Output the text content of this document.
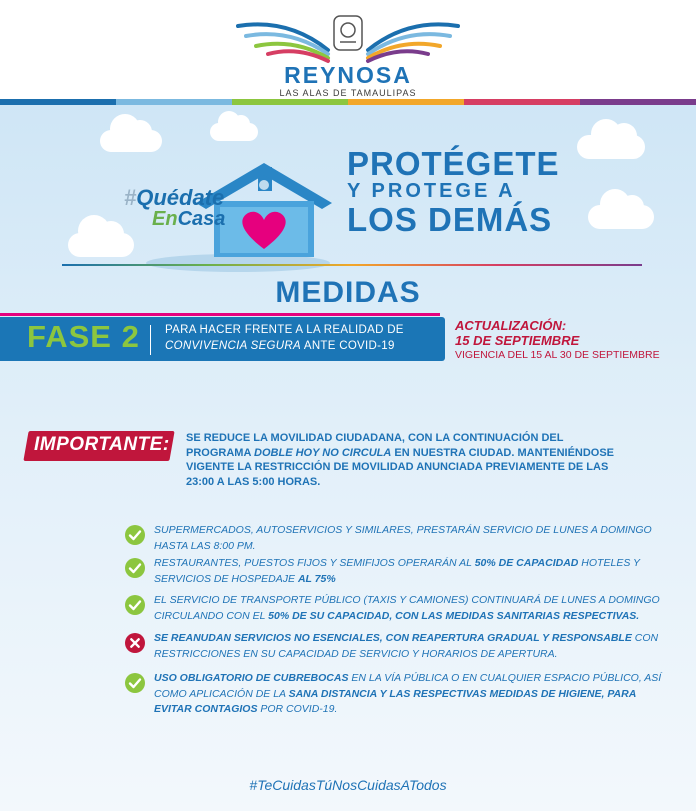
REYNOSA
LAS ALAS DE TAMAULIPAS
#Quédate
EnCasa
PROTÉGETE
Y PROTEGE A
LOS DEMÁS
MEDIDAS
FASE 2 PARA HACER FRENTE A LA REALIDAD DE
CONVIVENCIA SEGURA ANTE COVID-19
ACTUALIZACIÓN:
15 DE SEPTIEMBRE
VIGENCIA DEL 15 AL 30 DE SEPTIEMBRE
IMPORTANTE: SE REDUCE LA MOVILIDAD CIUDADANA, CON LA CONTINUACIÓN DEL PROGRAMA DOBLE HOY NO CIRCULA EN NUESTRA CIUDAD. MANTENIÉNDOSE VIGENTE LA RESTRICCIÓN DE MOVILIDAD ANUNCIADA PREVIAMENTE DE LAS 23:00 A LAS 5:00 HORAS.
SUPERMERCADOS, AUTOSERVICIOS Y SIMILARES, PRESTARÁN SERVICIO DE LUNES A DOMINGO HASTA LAS 8:00 PM.
RESTAURANTES, PUESTOS FIJOS Y SEMIFIJOS OPERARÁN AL 50% DE CAPACIDAD HOTELES Y SERVICIOS DE HOSPEDAJE AL 75%
EL SERVICIO DE TRANSPORTE PÚBLICO (TAXIS Y CAMIONES) CONTINUARÁ DE LUNES A DOMINGO CIRCULANDO CON EL 50% DE SU CAPACIDAD, CON LAS MEDIDAS SANITARIAS RESPECTIVAS.
SE REANUDAN SERVICIOS NO ESENCIALES, CON REAPERTURA GRADUAL Y RESPONSABLE CON RESTRICCIONES EN SU CAPACIDAD DE SERVICIO Y HORARIOS DE APERTURA.
USO OBLIGATORIO DE CUBREBOCAS EN LA VÍA PÚBLICA O EN CUALQUIER ESPACIO PÚBLICO, ASÍ COMO APLICACIÓN DE LA SANA DISTANCIA Y LAS RESPECTIVAS MEDIDAS DE HIGIENE, PARA EVITAR CONTAGIOS POR COVID-19.
#TeCuidasTúNosCuidasATodos
